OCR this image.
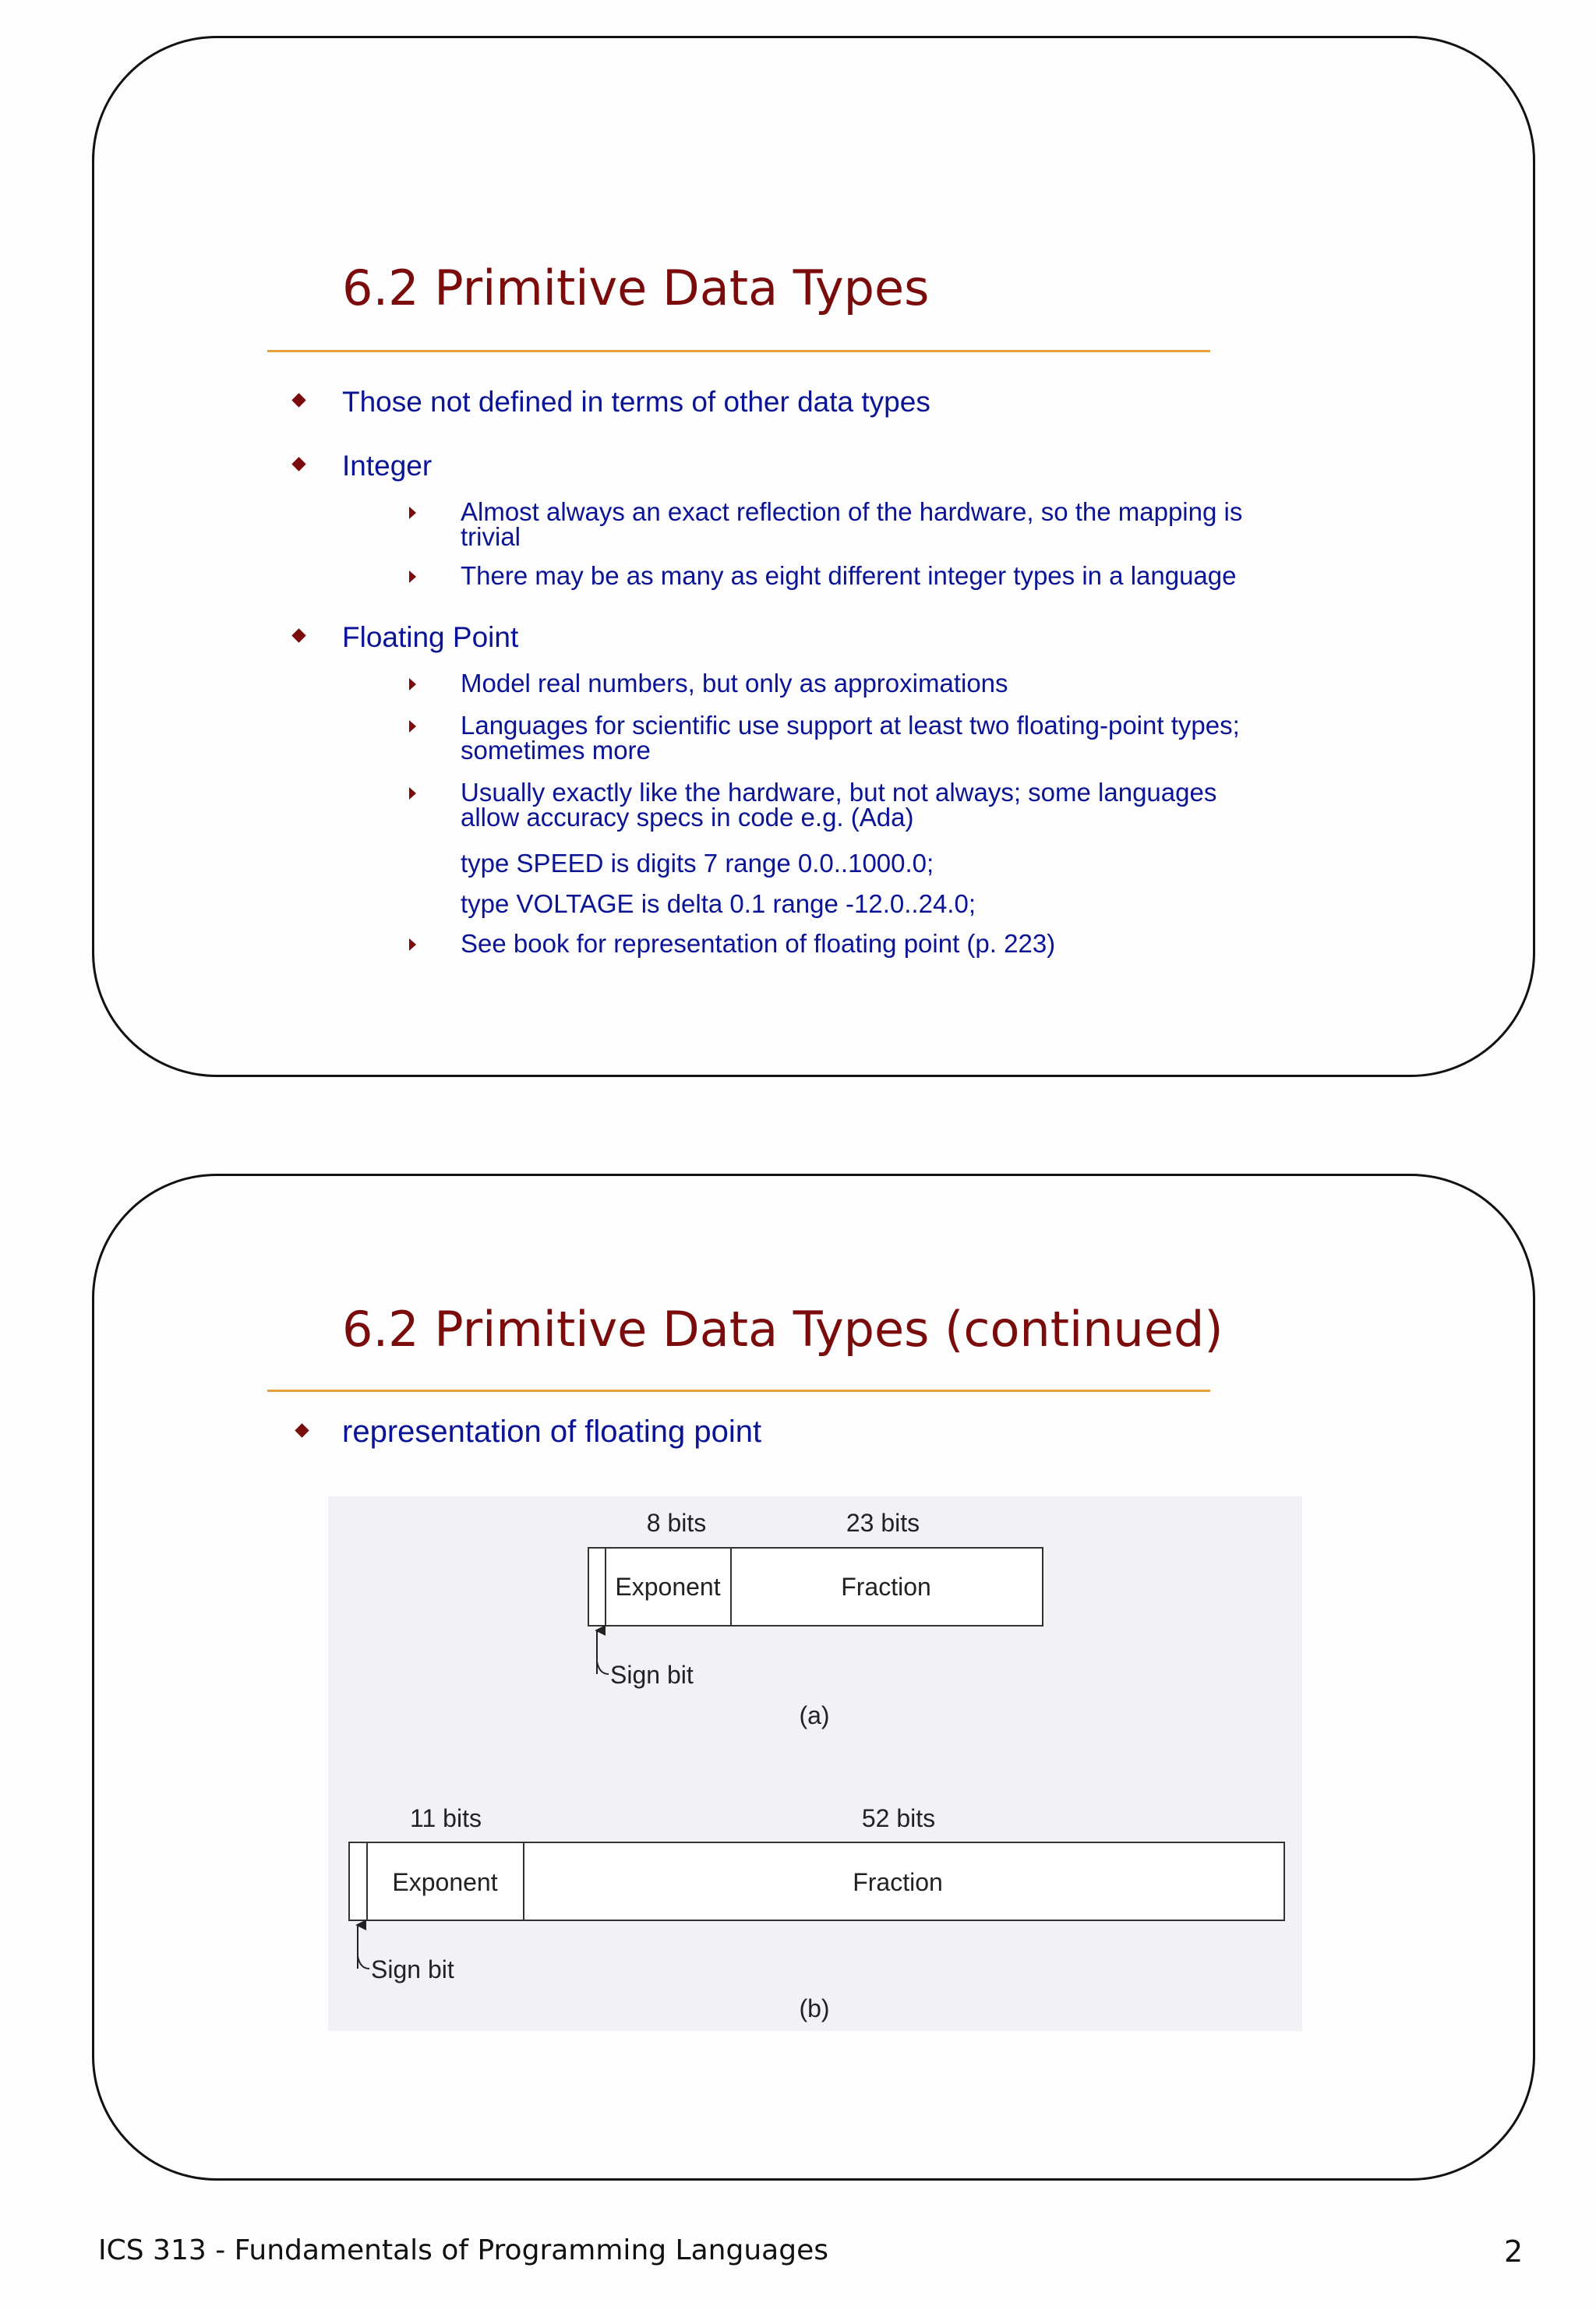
6.2 Primitive Data Types
Those not defined in terms of other data types
Integer
Almost always an exact reflection of the hardware, so the mapping is
trivial
There may be as many as eight different integer types in a language
Floating Point
Model real numbers, but only as approximations
Languages for scientific use support at least two floating-point types;
sometimes more
Usually exactly like the hardware, but not always; some languages
allow accuracy specs in code e.g. (Ada)
type SPEED is digits 7 range 0.0..1000.0;
type VOLTAGE is delta 0.1 range -12.0..24.0;
See book for representation of floating point (p. 223)
6.2 Primitive Data Types (continued)
representation of floating point
8 bits	23 bits
Exponent	Fraction
Sign bit
(a)
11 bits	52 bits
Exponent	Fraction
Sign bit
(b)
ICS 313 - Fundamentals of Programming Languages	2
